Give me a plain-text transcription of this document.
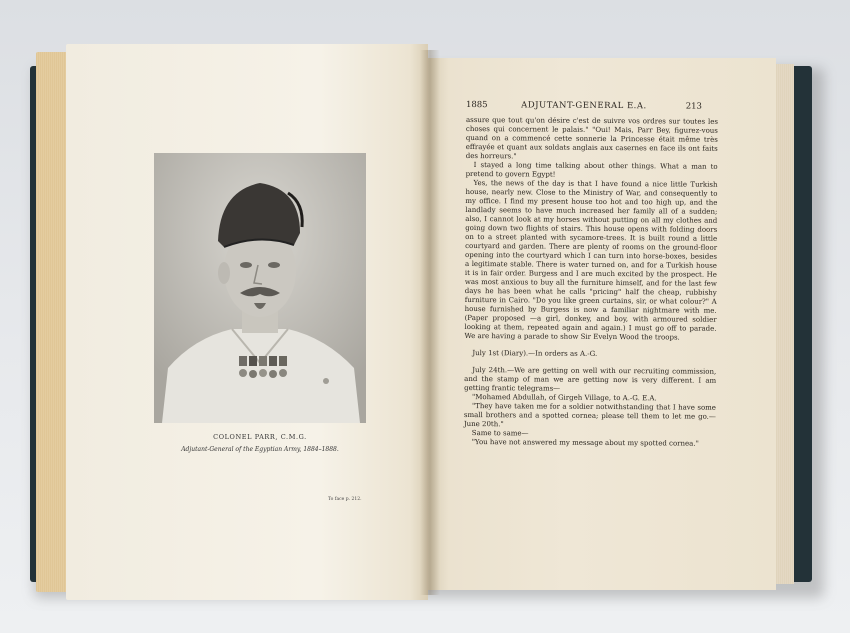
COLONEL PARR, C.M.G.
Adjutant-General of the Egyptian Army, 1884–1888.
To face p. 212.
1885	ADJUTANT-GENERAL E.A.	213

assure que tout qu'on désire c'est de suivre vos ordres sur toutes les choses qui concernent le palais." "Oui! Mais, Parr Bey, figurez-vous quand on a commencé cette sonnerie la Princesse était même très effrayée et quant aux soldats anglais aux casernes en face ils ont faits des horreurs."

I stayed a long time talking about other things. What a man to pretend to govern Egypt!

Yes, the news of the day is that I have found a nice little Turkish house, nearly new. Close to the Ministry of War, and consequently to my office. I find my present house too hot and too high up, and the landlady seems to have much increased her family all of a sudden; also, I cannot look at my horses without putting on all my clothes and going down two flights of stairs. This house opens with folding doors on to a street planted with sycamore-trees. It is built round a little courtyard and garden. There are plenty of rooms on the ground-floor opening into the courtyard which I can turn into horse-boxes, besides a legitimate stable. There is water turned on, and for a Turkish house it is in fair order. Burgess and I are much excited by the prospect. He was most anxious to buy all the furniture himself, and for the last few days he has been what he calls "pricing" half the cheap, rubbishy furniture in Cairo. "Do you like green curtains, sir, or what colour?" A house furnished by Burgess is now a familiar nightmare with me. (Paper proposed —a girl, donkey, and boy, with armoured soldier looking at them, repeated again and again.) I must go off to parade. We are having a parade to show Sir Evelyn Wood the troops.

July 1st (Diary).—In orders as A.-G.

July 24th.—We are getting on well with our recruiting commission, and the stamp of man we are getting now is very different. I am getting frantic telegrams—

"Mohamed Abdullah, of Girgeh Village, to A.-G. E.A.

"They have taken me for a soldier notwithstanding that I have some small brothers and a spotted cornea; please tell them to let me go.—June 20th."

Same to same—

"You have not answered my message about my spotted cornea."
